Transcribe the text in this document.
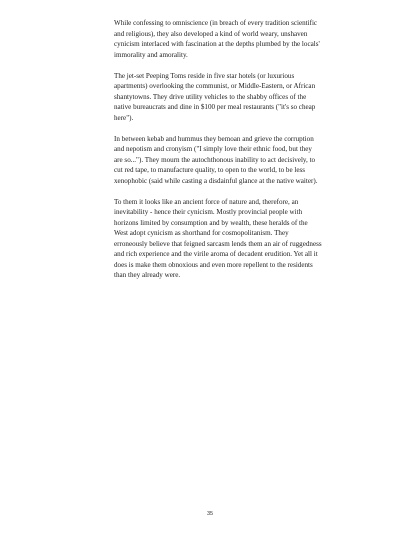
While confessing to omniscience (in breach of every tradition scientific and religious), they also developed a kind of world weary, unshaven cynicism interlaced with fascination at the depths plumbed by the locals' immorality and amorality.

The jet-set Peeping Toms reside in five star hotels (or luxurious apartments) overlooking the communist, or Middle-Eastern, or African shantytowns. They drive utility vehicles to the shabby offices of the native bureaucrats and dine in $100 per meal restaurants ("it's so cheap here").

In between kebab and hummus they bemoan and grieve the corruption and nepotism and cronyism ("I simply love their ethnic food, but they are so..."). They mourn the autochthonous inability to act decisively, to cut red tape, to manufacture quality, to open to the world, to be less xenophobic (said while casting a disdainful glance at the native waiter).

To them it looks like an ancient force of nature and, therefore, an inevitability - hence their cynicism. Mostly provincial people with horizons limited by consumption and by wealth, these heralds of the West adopt cynicism as shorthand for cosmopolitanism. They erroneously believe that feigned sarcasm lends them an air of ruggedness and rich experience and the virile aroma of decadent erudition. Yet all it does is make them obnoxious and even more repellent to the residents than they already were.

35
